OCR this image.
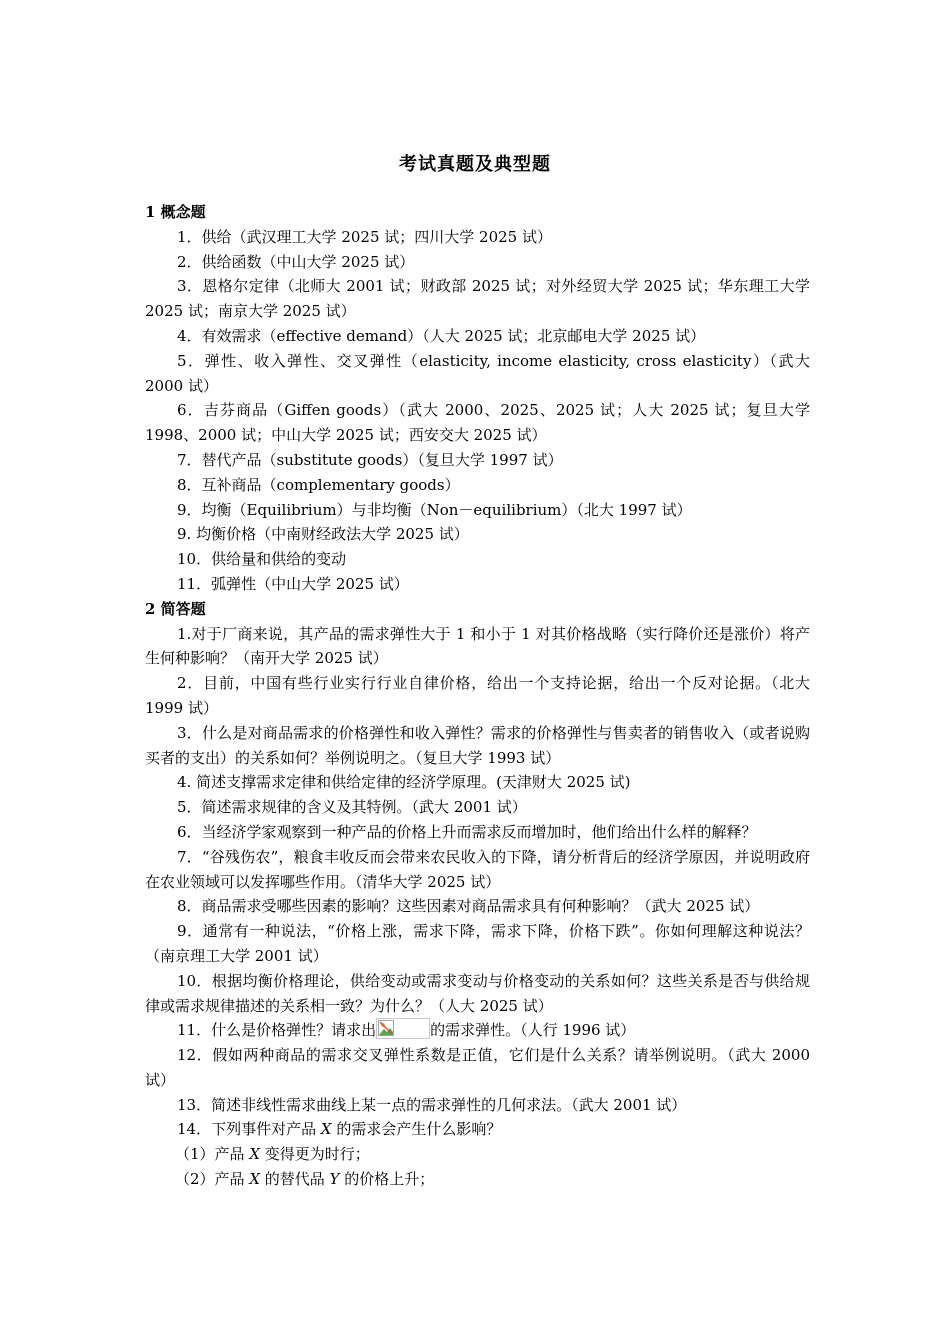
考试真题及典型题
1 概念题

1．供给（武汉理工大学 2025 试；四川大学 2025 试）

2．供给函数（中山大学 2025 试）

3．恩格尔定律（北师大 2001 试；财政部 2025 试；对外经贸大学 2025 试；华东理工大学 2025 试；南京大学 2025 试）

4．有效需求（effective demand）（人大 2025 试；北京邮电大学 2025 试）

5．弹性、收入弹性、交叉弹性（elasticity, income elasticity, cross elasticity）（武大 2000 试）

6．吉芬商品（Giffen goods）（武大 2000、2025、2025 试；人大 2025 试；复旦大学 1998、2000 试；中山大学 2025 试；西安交大 2025 试）

7．替代产品（substitute goods）（复旦大学 1997 试）

8．互补商品（complementary goods）

9．均衡（Equilibrium）与非均衡（Non－equilibrium）（北大 1997 试）

9. 均衡价格（中南财经政法大学 2025 试）

10．供给量和供给的变动

11．弧弹性（中山大学 2025 试）

2 简答题

1.对于厂商来说，其产品的需求弹性大于 1 和小于 1 对其价格战略（实行降价还是涨价）将产生何种影响？（南开大学 2025 试）

2．目前，中国有些行业实行行业自律价格，给出一个支持论据，给出一个反对论据。（北大 1999 试）

3．什么是对商品需求的价格弹性和收入弹性？需求的价格弹性与售卖者的销售收入（或者说购买者的支出）的关系如何？举例说明之。（复旦大学 1993 试）

4. 简述支撑需求定律和供给定律的经济学原理。(天津财大 2025 试)

5．简述需求规律的含义及其特例。（武大 2001 试）

6．当经济学家观察到一种产品的价格上升而需求反而增加时，他们给出什么样的解释？

7．“谷残伤农”，粮食丰收反而会带来农民收入的下降，请分析背后的经济学原因，并说明政府在农业领域可以发挥哪些作用。（清华大学 2025 试）

8．商品需求受哪些因素的影响？这些因素对商品需求具有何种影响？（武大 2025 试）

9．通常有一种说法，“价格上涨，需求下降，需求下降，价格下跌”。你如何理解这种说法？（南京理工大学 2001 试）

10．根据均衡价格理论，供给变动或需求变动与价格变动的关系如何？这些关系是否与供给规律或需求规律描述的关系相一致？为什么？（人大 2025 试）

11．什么是价格弹性？请求出	的需求弹性。（人行 1996 试）

12．假如两种商品的需求交叉弹性系数是正值，它们是什么关系？请举例说明。（武大 2000 试）

13．简述非线性需求曲线上某一点的需求弹性的几何求法。（武大 2001 试）

14．下列事件对产品 X 的需求会产生什么影响？

（1）产品 X 变得更为时行；

（2）产品 X 的替代品 Y 的价格上升；
